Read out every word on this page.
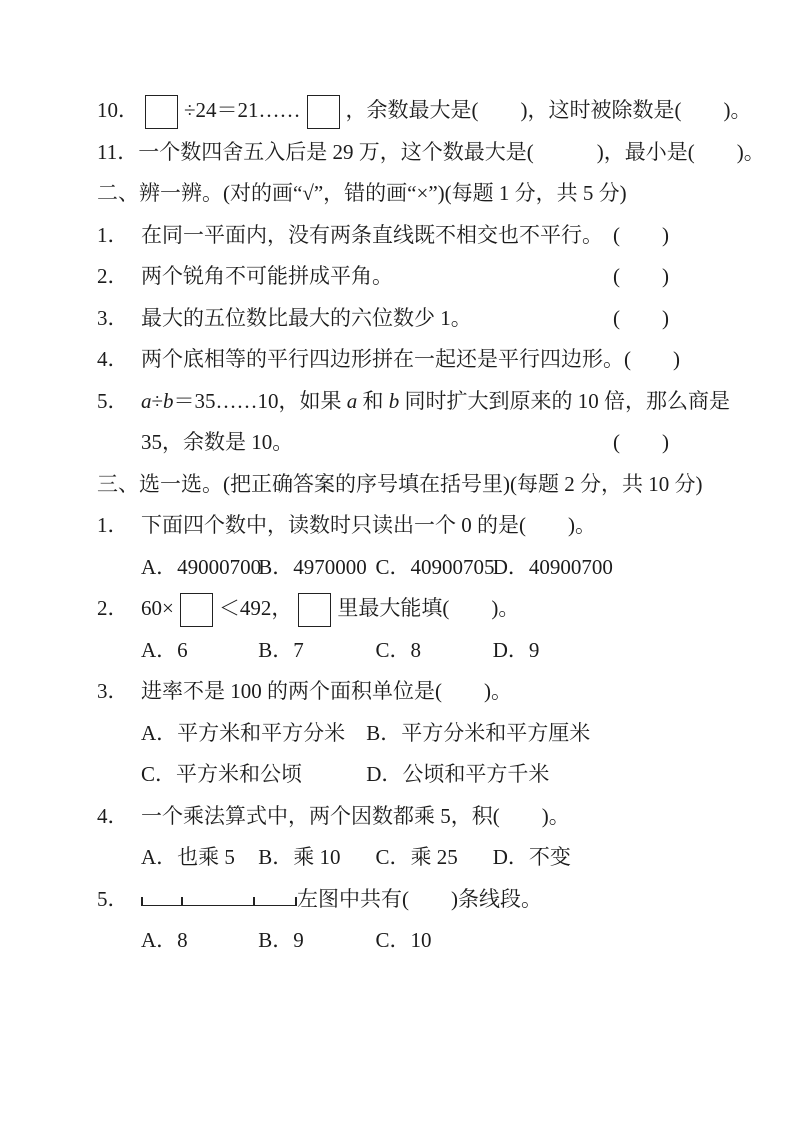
10． ÷24＝21…… ，余数最大是(　　)，这时被除数是(　　)。
11．一个数四舍五入后是 29 万，这个数最大是(　　　)，最小是(　　)。
二、辨一辨。(对的画“√”，错的画“×”)(每题 1 分，共 5 分)
1． 在同一平面内，没有两条直线既不相交也不平行。 (　　)
2． 两个锐角不可能拼成平角。	(　　)
3． 最大的五位数比最大的六位数少 1。	(　　)
4． 两个底相等的平行四边形拼在一起还是平行四边形。 (　　)
5． a÷b＝35……10，如果 a 和 b 同时扩大到原来的 10 倍，那么商是
35，余数是 10。	(　　)
三、选一选。(把正确答案的序号填在括号里)(每题 2 分，共 10 分)
1． 下面四个数中，读数时只读出一个 0 的是(　　)。
A．49000700 B．4970000 C．40900705 D．40900700
2． 60× ＜492， 里最大能填(　　)。
A．6	B．7	C．8	D．9
3． 进率不是 100 的两个面积单位是(　　)。
A．平方米和平方分米 B．平方分米和平方厘米
C．平方米和公顷	D．公顷和平方千米
4． 一个乘法算式中，两个因数都乘 5，积(　　)。
A．也乘 5 B．乘 10 C．乘 25 D．不变
5．	左图中共有(　　)条线段。
A．8	B．9	C．10
